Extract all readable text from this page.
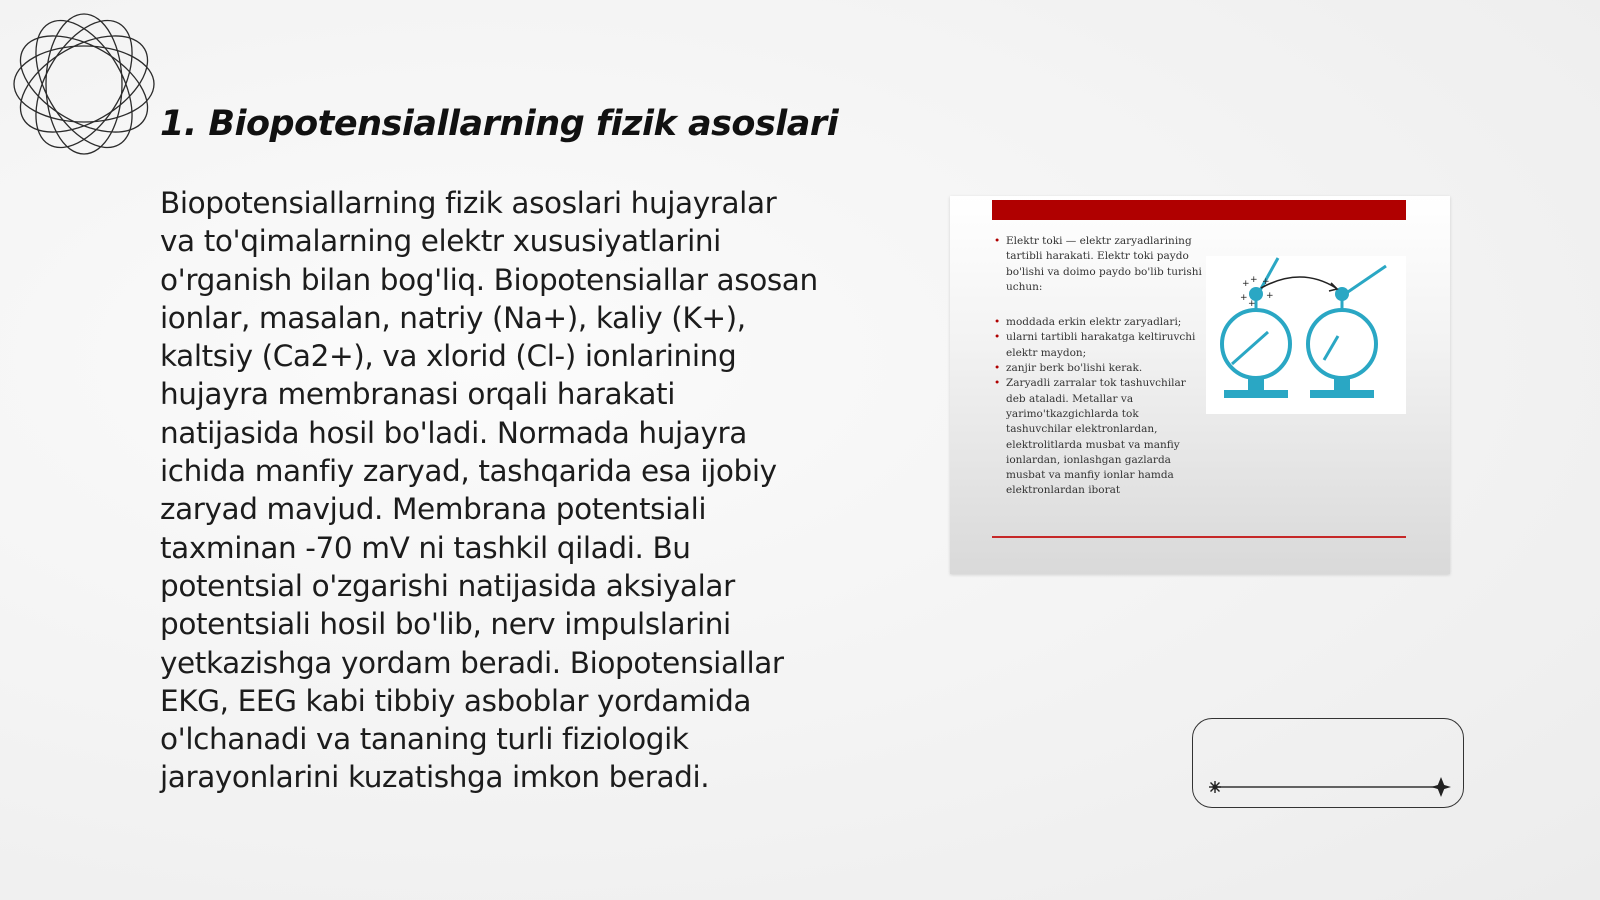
1. Biopotensiallarning fizik asoslari

Biopotensiallarning fizik asoslari hujayralar va to'qimalarning elektr xususiyatlarini o'rganish bilan bog'liq. Biopotensiallar asosan ionlar, masalan, natriy (Na+), kaliy (K+), kaltsiy (Ca2+), va xlorid (Cl-) ionlarining hujayra membranasi orqali harakati natijasida hosil bo'ladi. Normada hujayra ichida manfiy zaryad, tashqarida esa ijobiy zaryad mavjud. Membrana potentsiali taxminan -70 mV ni tashkil qiladi. Bu potentsial o'zgarishi natijasida aksiyalar potentsiali hosil bo'lib, nerv impulslarini yetkazishga yordam beradi. Biopotensiallar EKG, EEG kabi tibbiy asboblar yordamida o'lchanadi va tananing turli fiziologik jarayonlarini kuzatishga imkon beradi.

• Elektr toki — elektr zaryadlarining tartibli harakati. Elektr toki paydo bo'lishi va doimo paydo bo'lib turishi uchun:
• moddada erkin elektr zaryadlari;
• ularni tartibli harakatga keltiruvchi elektr maydon;
• zanjir berk bo'lishi kerak.
• Zaryadli zarralar tok tashuvchilar deb ataladi. Metallar va yarimo'tkazgichlarda tok tashuvchilar elektronlardan, elektrolitlarda musbat va manfiy ionlardan, ionlashgan gazlarda musbat va manfiy ionlar hamda elektronlardan iborat
+ + +
+ +
+
